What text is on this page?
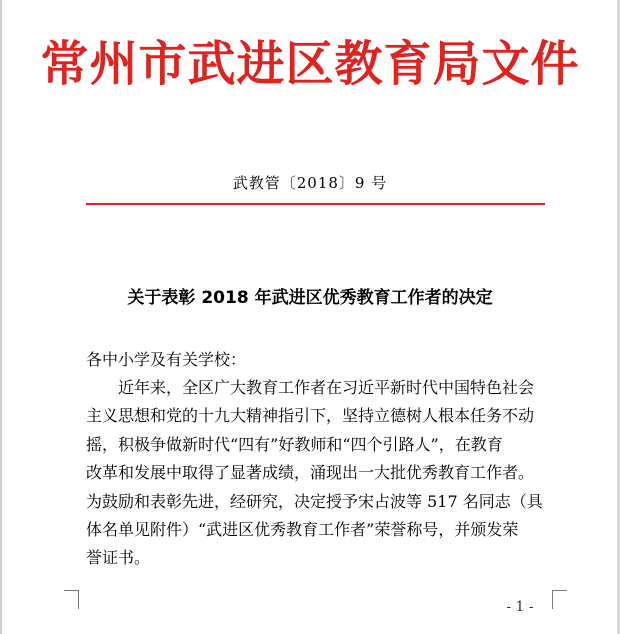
常州市武进区教育局文件
武教管〔2018〕9 号
关于表彰 2018 年武进区优秀教育工作者的决定
各中小学及有关学校：
近年来，全区广大教育工作者在习近平新时代中国特色社会
主义思想和党的十九大精神指引下，坚持立德树人根本任务不动
摇，积极争做新时代“四有”好教师和“四个引路人”，在教育
改革和发展中取得了显著成绩，涌现出一大批优秀教育工作者。
为鼓励和表彰先进，经研究，决定授予宋占波等 517 名同志（具
体名单见附件）“武进区优秀教育工作者”荣誉称号，并颁发荣
誉证书。
- 1 -
